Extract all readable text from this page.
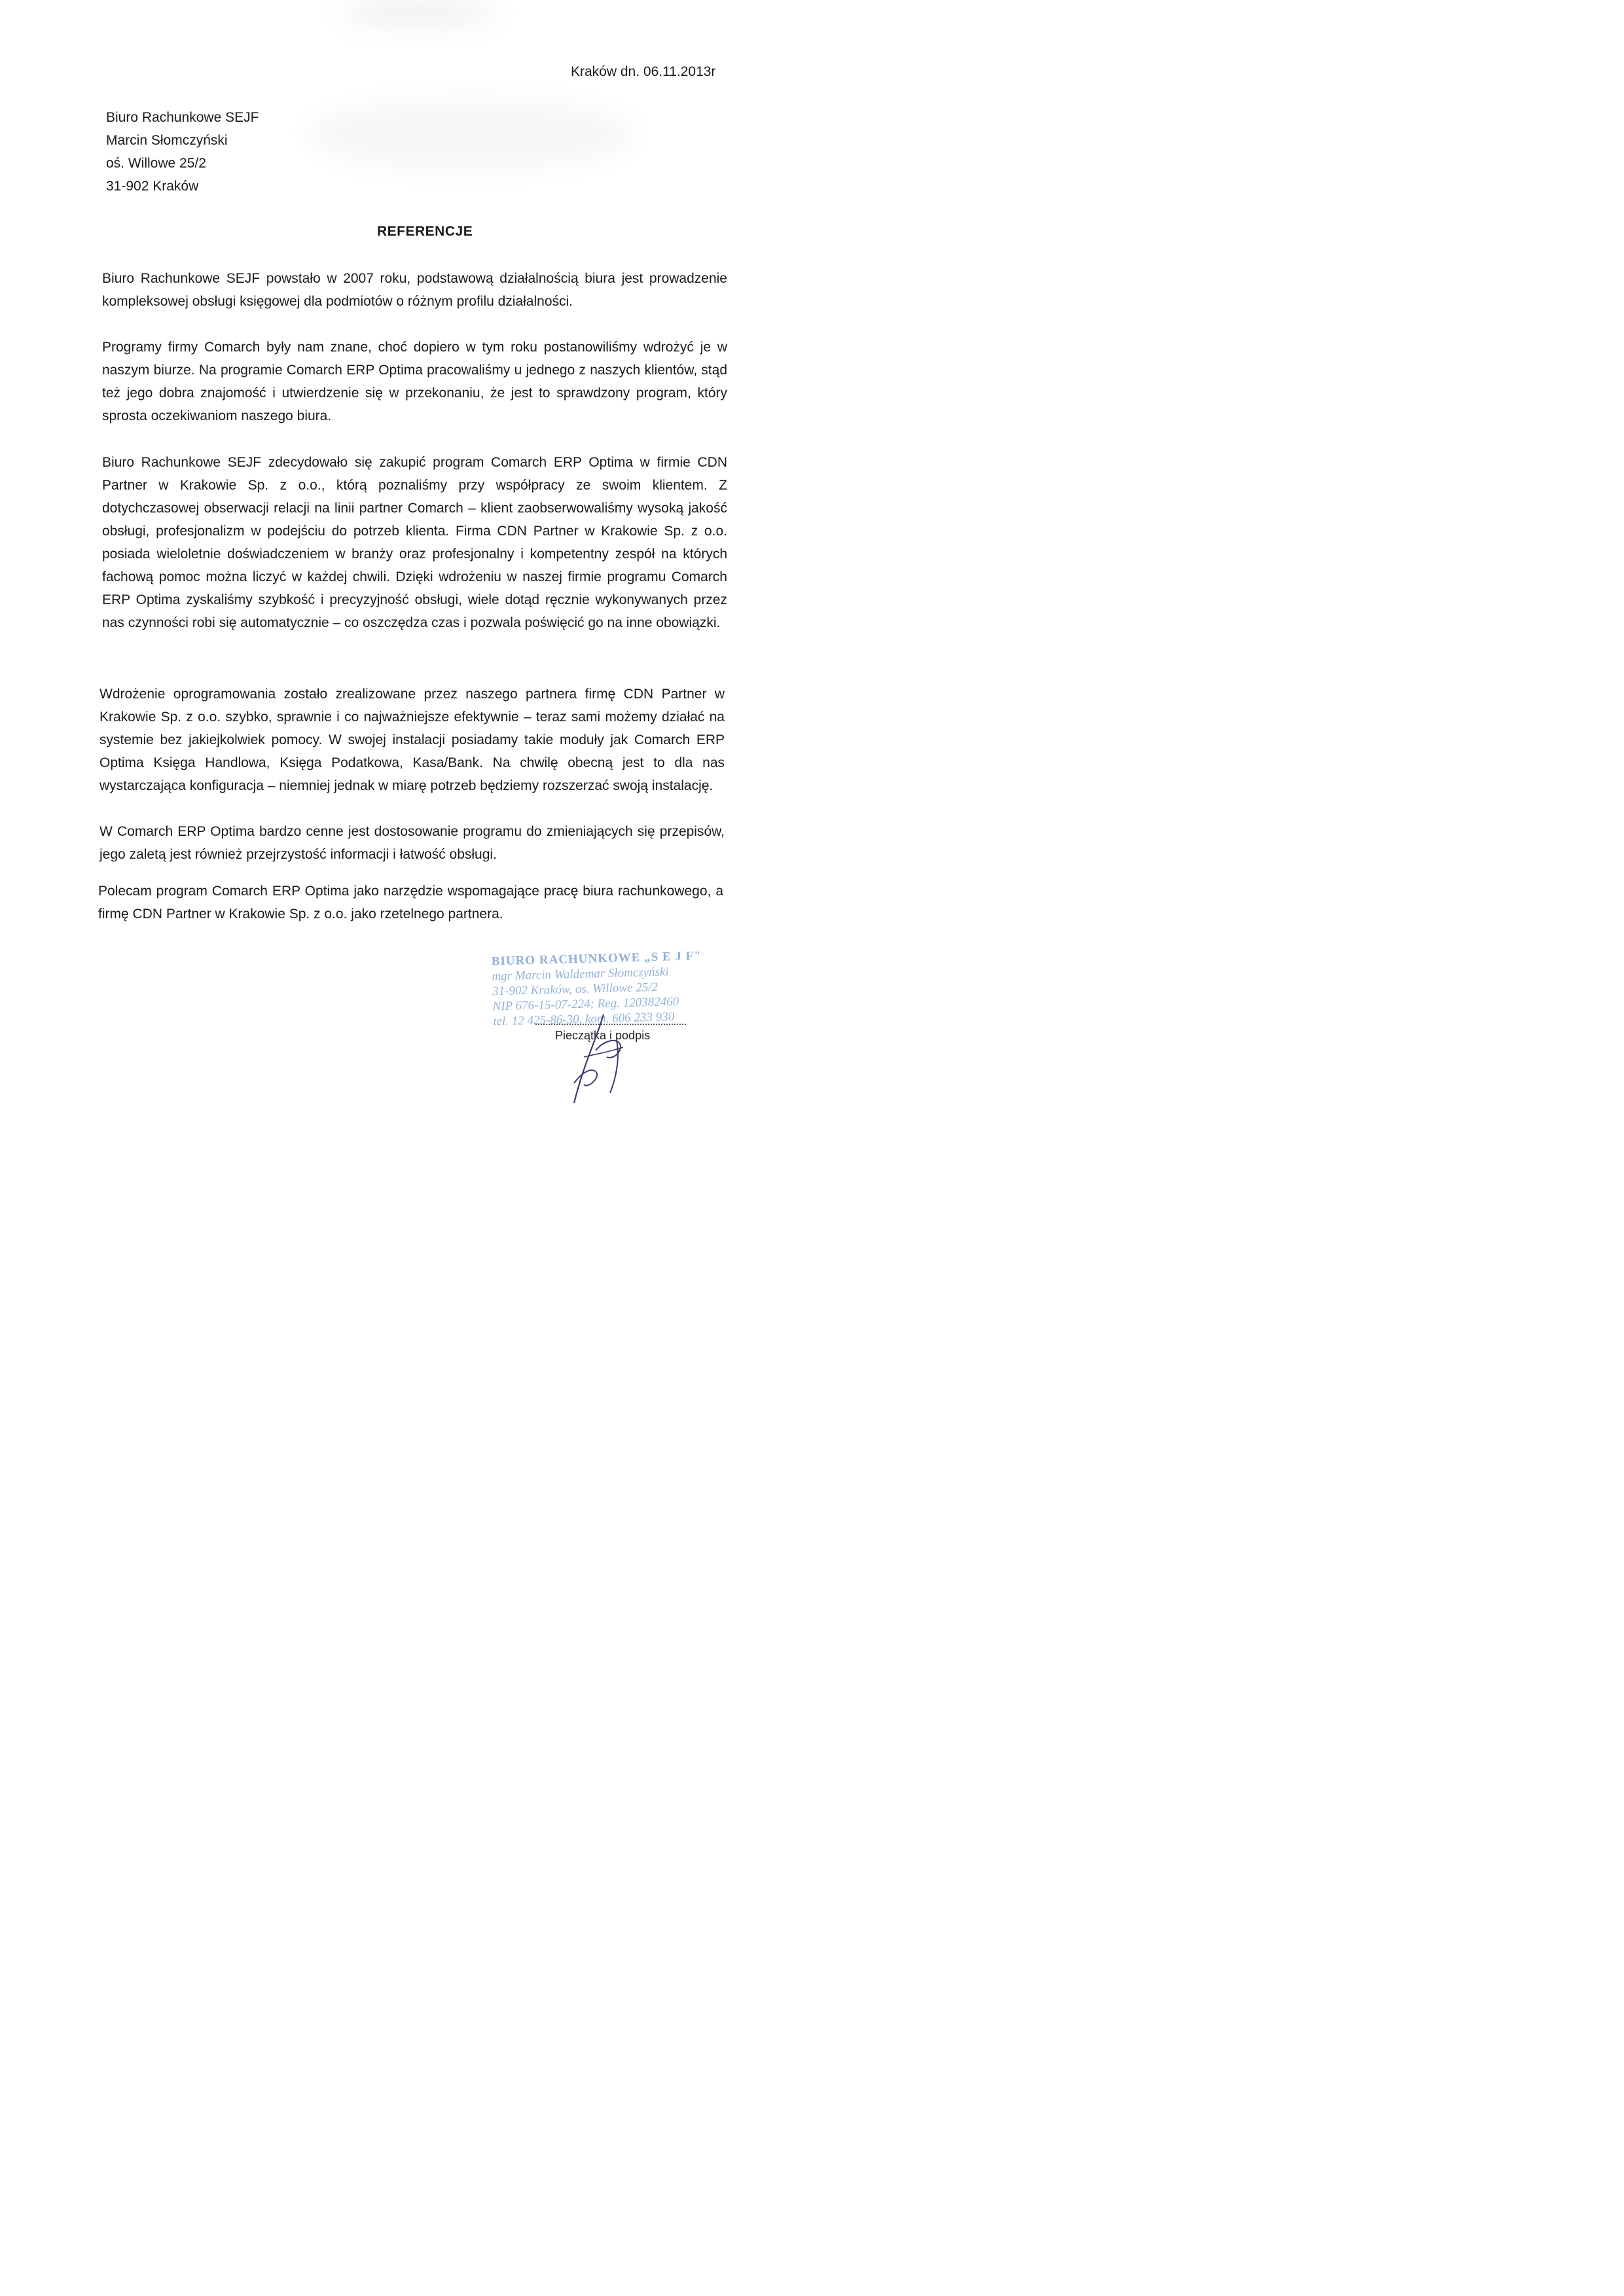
Kraków dn. 06.11.2013r
Biuro Rachunkowe SEJF
Marcin Słomczyński
oś. Willowe 25/2
31-902 Kraków
REFERENCJE

Biuro Rachunkowe SEJF powstało w 2007 roku, podstawową działalnością biura jest prowadzenie kompleksowej obsługi księgowej dla podmiotów o różnym profilu działalności.

Programy firmy Comarch były nam znane, choć dopiero w tym roku postanowiliśmy wdrożyć je w naszym biurze. Na programie Comarch ERP Optima pracowaliśmy u jednego z naszych klientów, stąd też jego dobra znajomość i utwierdzenie się w przekonaniu, że jest to sprawdzony program, który sprosta oczekiwaniom naszego biura.

Biuro Rachunkowe SEJF zdecydowało się zakupić program Comarch ERP Optima w firmie CDN Partner w Krakowie Sp. z o.o., którą poznaliśmy przy współpracy ze swoim klientem. Z dotychczasowej obserwacji relacji na linii partner Comarch – klient zaobserwowaliśmy wysoką jakość obsługi, profesjonalizm w podejściu do potrzeb klienta. Firma CDN Partner w Krakowie Sp. z o.o. posiada wieloletnie doświadczeniem w branży oraz profesjonalny i kompetentny zespół na których fachową pomoc można liczyć w każdej chwili. Dzięki wdrożeniu w naszej firmie programu Comarch ERP Optima zyskaliśmy szybkość i precyzyjność obsługi, wiele dotąd ręcznie wykonywanych przez nas czynności robi się automatycznie – co oszczędza czas i pozwala poświęcić go na inne obowiązki.

Wdrożenie oprogramowania zostało zrealizowane przez naszego partnera firmę CDN Partner w Krakowie Sp. z o.o. szybko, sprawnie i co najważniejsze efektywnie – teraz sami możemy działać na systemie bez jakiejkolwiek pomocy. W swojej instalacji posiadamy takie moduły jak Comarch ERP Optima Księga Handlowa, Księga Podatkowa, Kasa/Bank. Na chwilę obecną jest to dla nas wystarczająca konfiguracja – niemniej jednak w miarę potrzeb będziemy rozszerzać swoją instalację.

W Comarch ERP Optima bardzo cenne jest dostosowanie programu do zmieniających się przepisów, jego zaletą jest również przejrzystość informacji i łatwość obsługi.

Polecam program Comarch ERP Optima jako narzędzie wspomagające pracę biura rachunkowego, a firmę CDN Partner w Krakowie Sp. z o.o. jako rzetelnego partnera.

BIURO RACHUNKOWE „S E J F"
mgr Marcin Waldemar Słomczyński
31-902 Kraków, os. Willowe 25/2
NIP 676-15-07-224; Reg. 120382460
tel. 12 425-86-30, kom. 606 233 930
Pieczątka i podpis
